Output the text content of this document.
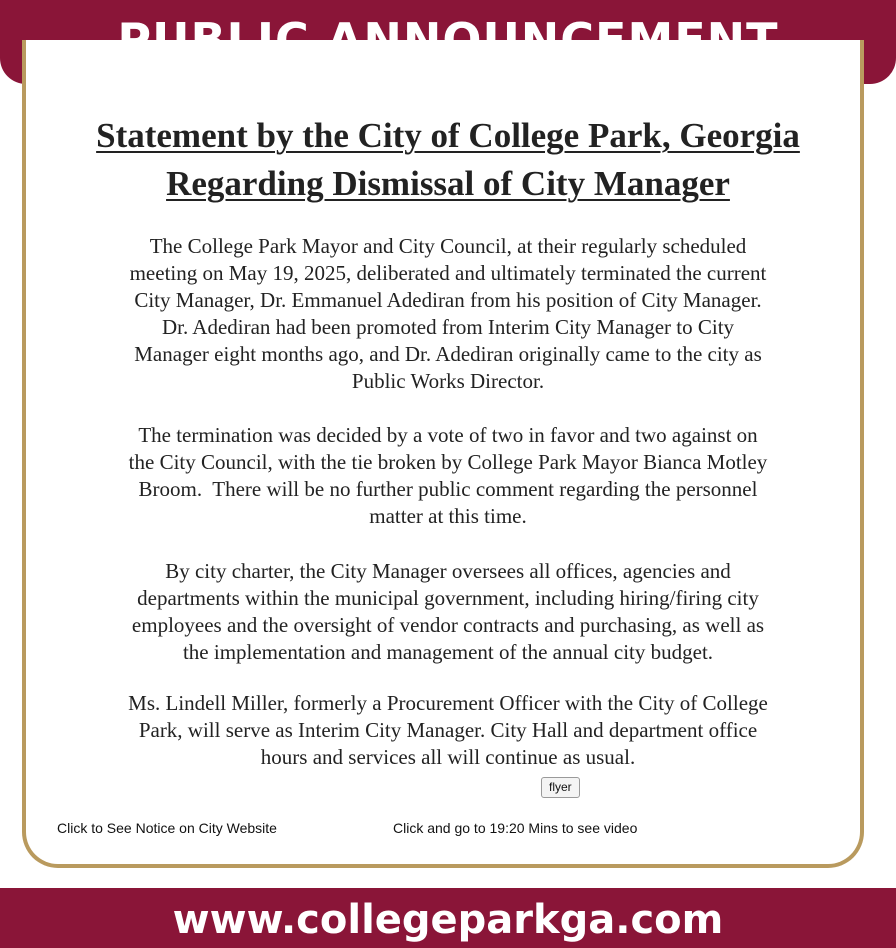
Statement by the City of College Park, Georgia
Regarding Dismissal of City Manager
The College Park Mayor and City Council, at their regularly scheduled
meeting on May 19, 2025, deliberated and ultimately terminated the current
City Manager, Dr. Emmanuel Adediran from his position of City Manager.
Dr. Adediran had been promoted from Interim City Manager to City
Manager eight months ago, and Dr. Adediran originally came to the city as
Public Works Director.
The termination was decided by a vote of two in favor and two against on
the City Council, with the tie broken by College Park Mayor Bianca Motley
Broom.  There will be no further public comment regarding the personnel
matter at this time.
By city charter, the City Manager oversees all offices, agencies and
departments within the municipal government, including hiring/firing city
employees and the oversight of vendor contracts and purchasing, as well as
the implementation and management of the annual city budget.
Ms. Lindell Miller, formerly a Procurement Officer with the City of College
Park, will serve as Interim City Manager. City Hall and department office
hours and services all will continue as usual.
flyer
Click to See Notice on City Website	Click and go to 19:20 Mins to see video
www.collegeparkga.com
